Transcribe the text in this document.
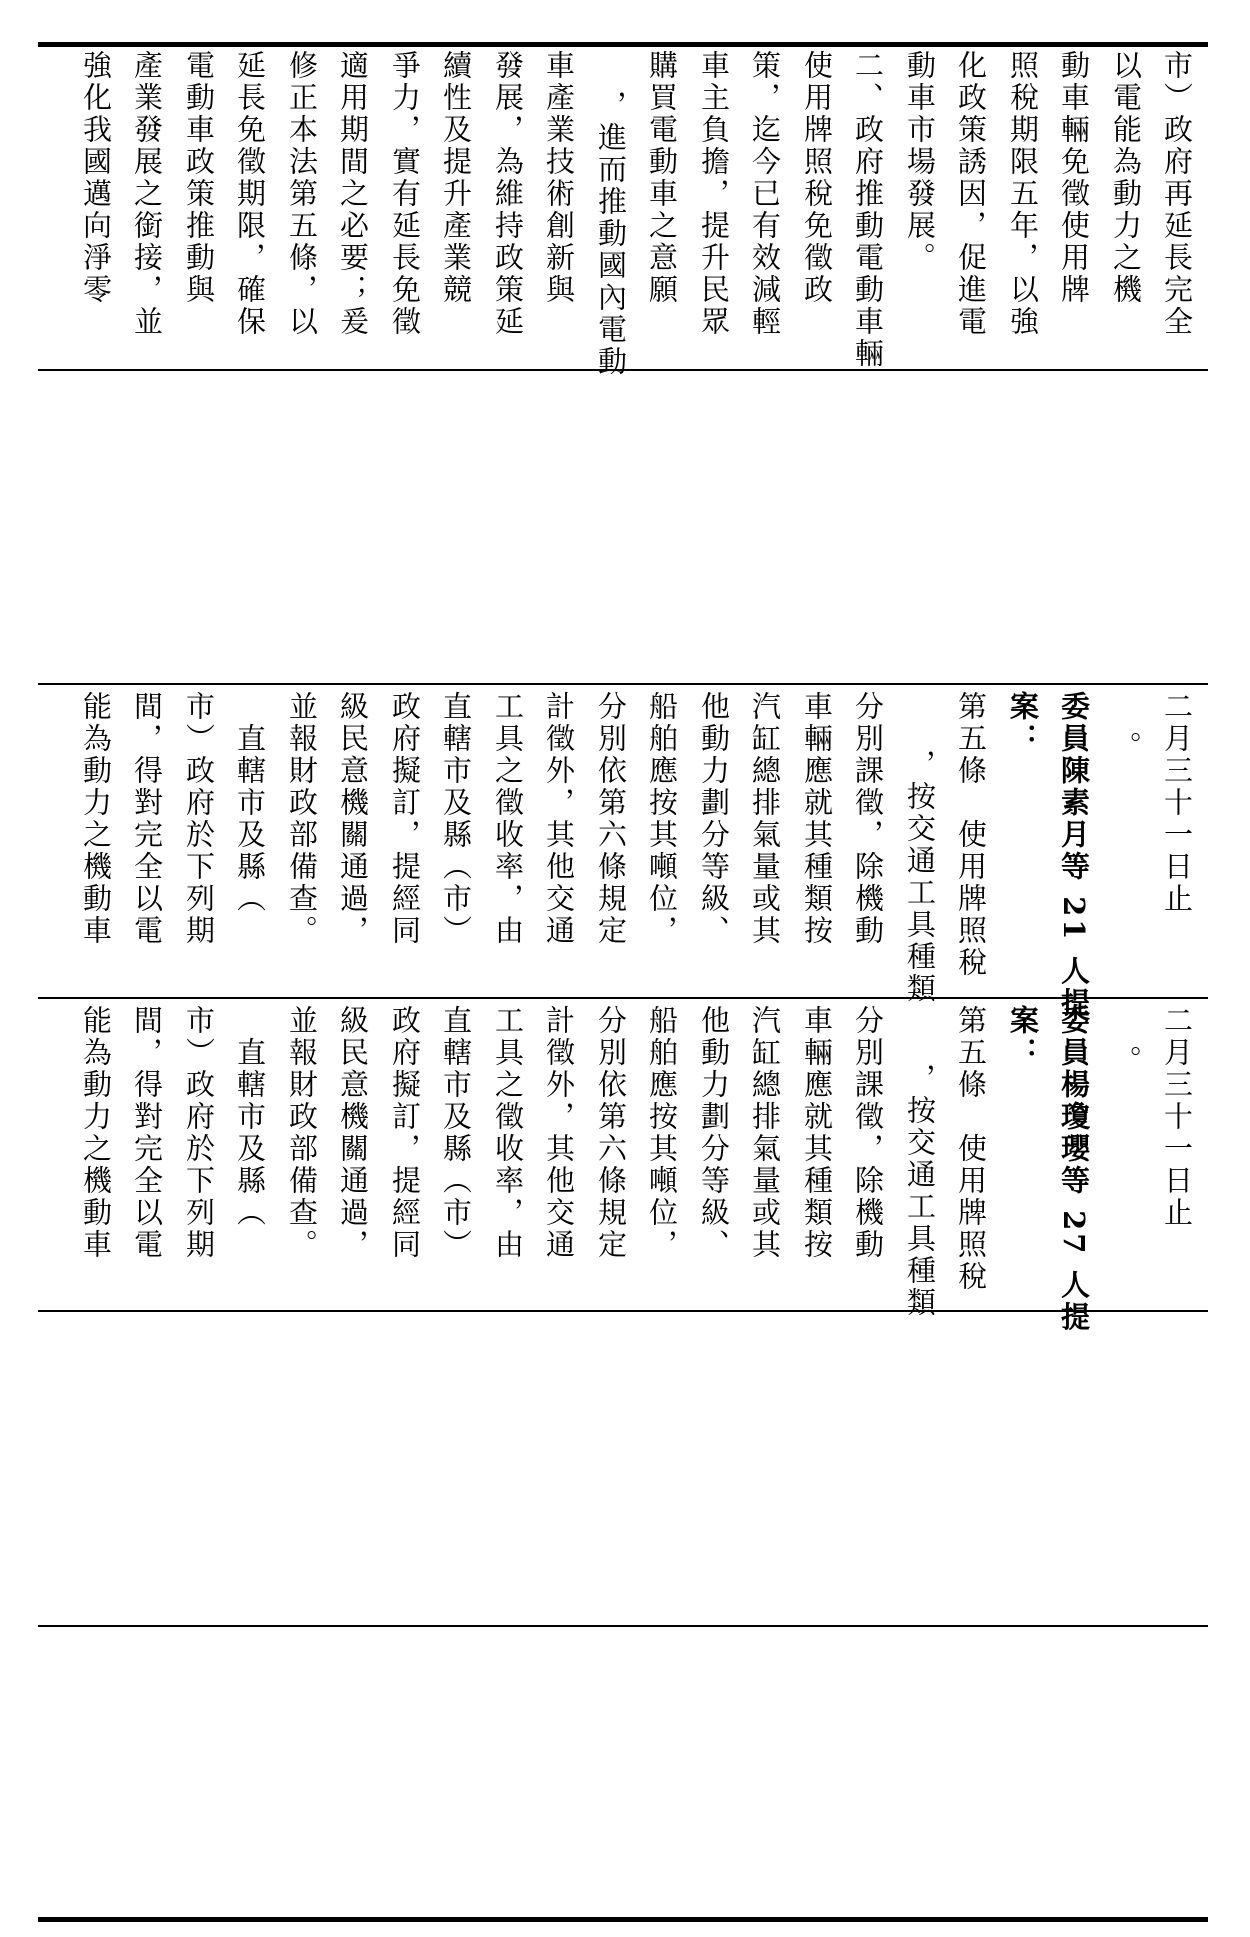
市）政府再延長完全
以電能為動力之機
動車輛免徵使用牌
照稅期限五年，以強
化政策誘因，促進電
動車市場發展。
二、政府推動電動車輛
使用牌照稅免徵政
策，迄今已有效減輕
車主負擔，提升民眾
購買電動車之意願
，進而推動國內電動
車產業技術創新與
發展，為維持政策延
續性及提升產業競
爭力，實有延長免徵
適用期間之必要；爰
修正本法第五條，以
延長免徵期限，確保
電動車政策推動與
產業發展之銜接，並
強化我國邁向淨零
二月三十一日止
。
委員陳素月等 21 人提
案：
第五條　使用牌照稅
，按交通工具種類
分別課徵，除機動
車輛應就其種類按
汽缸總排氣量或其
他動力劃分等級、
船舶應按其噸位，
分別依第六條規定
計徵外，其他交通
工具之徵收率，由
直轄市及縣（市）
政府擬訂，提經同
級民意機關通過，
並報財政部備查。
　直轄市及縣（
市）政府於下列期
間，得對完全以電
能為動力之機動車
二月三十一日止
。
委員楊瓊瓔等 27 人提
案：
第五條　使用牌照稅
，按交通工具種類
分別課徵，除機動
車輛應就其種類按
汽缸總排氣量或其
他動力劃分等級、
船舶應按其噸位，
分別依第六條規定
計徵外，其他交通
工具之徵收率，由
直轄市及縣（市）
政府擬訂，提經同
級民意機關通過，
並報財政部備查。
　直轄市及縣（
市）政府於下列期
間，得對完全以電
能為動力之機動車
